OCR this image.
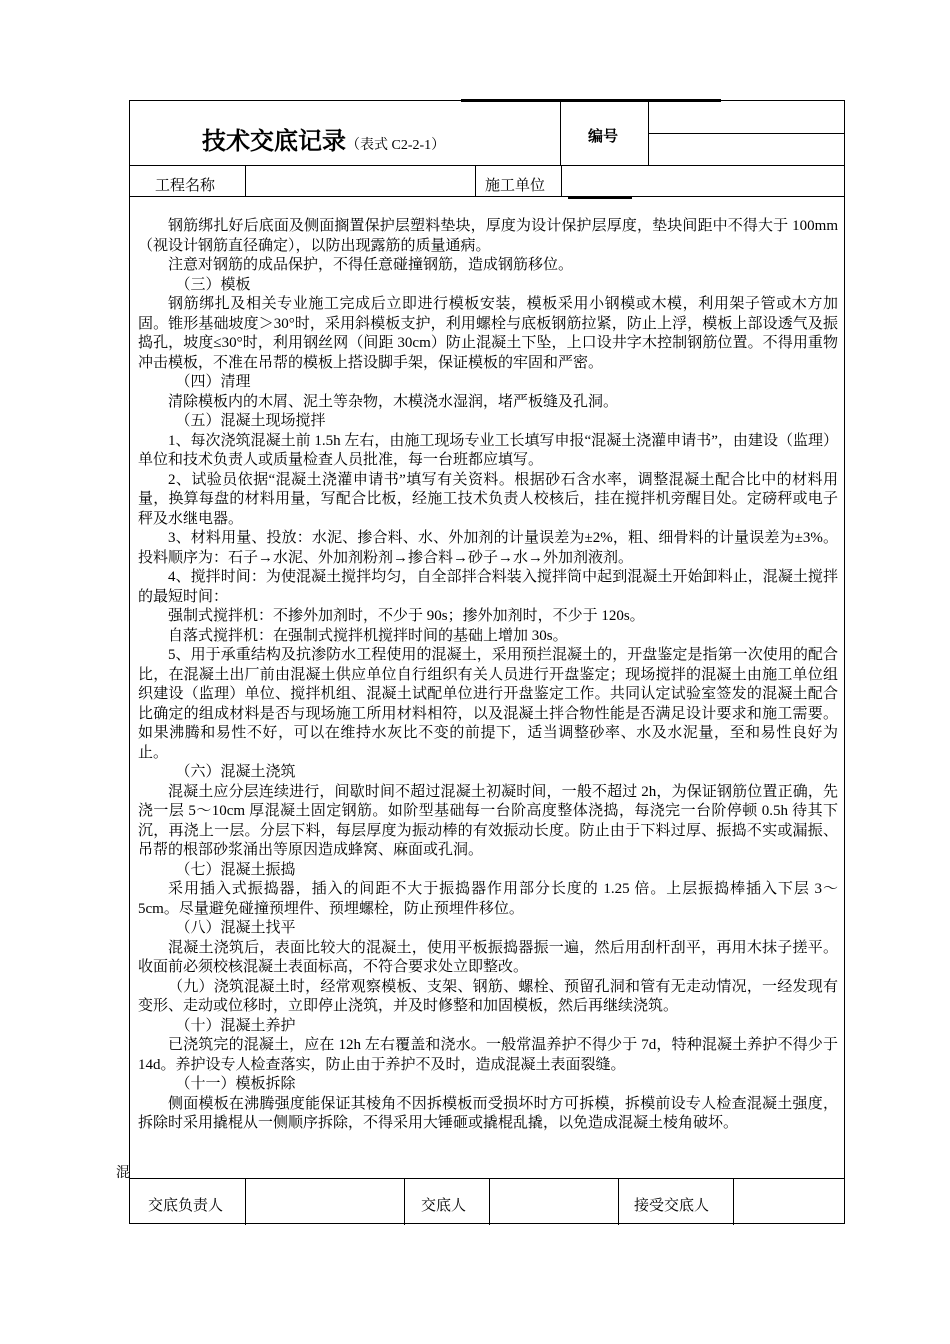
技术交底记录（表式 C2-2-1）
编号
工程名称	施工单位

钢筋绑扎好后底面及侧面搁置保护层塑料垫块，厚度为设计保护层厚度，垫块间距中不得大于 100mm（视设计钢筋直径确定），以防出现露筋的质量通病。

注意对钢筋的成品保护，不得任意碰撞钢筋，造成钢筋移位。

（三）模板

钢筋绑扎及相关专业施工完成后立即进行模板安装，模板采用小钢模或木模，利用架子管或木方加固。锥形基础坡度＞30°时，采用斜模板支护，利用螺栓与底板钢筋拉紧，防止上浮，模板上部设透气及振捣孔，坡度≤30°时，利用钢丝网（间距 30cm）防止混凝土下坠，上口设井字木控制钢筋位置。不得用重物冲击模板，不准在吊帮的模板上搭设脚手架，保证模板的牢固和严密。

（四）清理

清除模板内的木屑、泥土等杂物，木模浇水湿润，堵严板缝及孔洞。

（五）混凝土现场搅拌

1、每次浇筑混凝土前 1.5h 左右，由施工现场专业工长填写申报“混凝土浇灌申请书”，由建设（监理）单位和技术负责人或质量检查人员批准，每一台班都应填写。

2、试验员依据“混凝土浇灌申请书”填写有关资料。根据砂石含水率，调整混凝土配合比中的材料用量，换算每盘的材料用量，写配合比板，经施工技术负责人校核后，挂在搅拌机旁醒目处。定磅秤或电子秤及水继电器。

3、材料用量、投放：水泥、掺合料、水、外加剂的计量误差为±2%，粗、细骨料的计量误差为±3%。投料顺序为：石子→水泥、外加剂粉剂→掺合料→砂子→水→外加剂液剂。

4、搅拌时间：为使混凝土搅拌均匀，自全部拌合料装入搅拌筒中起到混凝土开始卸料止，混凝土搅拌的最短时间：

强制式搅拌机：不掺外加剂时，不少于 90s；掺外加剂时，不少于 120s。

自落式搅拌机：在强制式搅拌机搅拌时间的基础上增加 30s。

5、用于承重结构及抗渗防水工程使用的混凝土，采用预拦混凝土的，开盘鉴定是指第一次使用的配合比，在混凝土出厂前由混凝土供应单位自行组织有关人员进行开盘鉴定；现场搅拌的混凝土由施工单位组织建设（监理）单位、搅拌机组、混凝土试配单位进行开盘鉴定工作。共同认定试验室签发的混凝土配合比确定的组成材料是否与现场施工所用材料相符，以及混凝土拌合物性能是否满足设计要求和施工需要。如果沸腾和易性不好，可以在维持水灰比不变的前提下，适当调整砂率、水及水泥量，至和易性良好为止。

（六）混凝土浇筑

混凝土应分层连续进行，间歇时间不超过混凝土初凝时间，一般不超过 2h，为保证钢筋位置正确，先浇一层 5～10cm 厚混凝土固定钢筋。如阶型基础每一台阶高度整体浇捣，每浇完一台阶停顿 0.5h 待其下沉，再浇上一层。分层下料，每层厚度为振动棒的有效振动长度。防止由于下料过厚、振捣不实或漏振、吊帮的根部砂浆涌出等原因造成蜂窝、麻面或孔洞。

（七）混凝土振捣

采用插入式振捣器，插入的间距不大于振捣器作用部分长度的 1.25 倍。上层振捣棒插入下层 3～5cm。尽量避免碰撞预埋件、预埋螺栓，防止预埋件移位。

（八）混凝土找平

混凝土浇筑后，表面比较大的混凝土，使用平板振捣器振一遍，然后用刮杆刮平，再用木抹子搓平。收面前必须校核混凝土表面标高，不符合要求处立即整改。

（九）浇筑混凝土时，经常观察模板、支架、钢筋、螺栓、预留孔洞和管有无走动情况，一经发现有变形、走动或位移时，立即停止浇筑，并及时修整和加固模板，然后再继续浇筑。

（十）混凝土养护

已浇筑完的混凝土，应在 12h 左右覆盖和浇水。一般常温养护不得少于 7d，特种混凝土养护不得少于 14d。养护设专人检查落实，防止由于养护不及时，造成混凝土表面裂缝。

（十一）模板拆除

侧面模板在沸腾强度能保证其棱角不因拆模板而受损坏时方可拆模，拆模前设专人检查混凝土强度，拆除时采用撬棍从一侧顺序拆除，不得采用大锤砸或撬棍乱撬，以免造成混凝土棱角破坏。

交底负责人	交底人	接受交底人
混
